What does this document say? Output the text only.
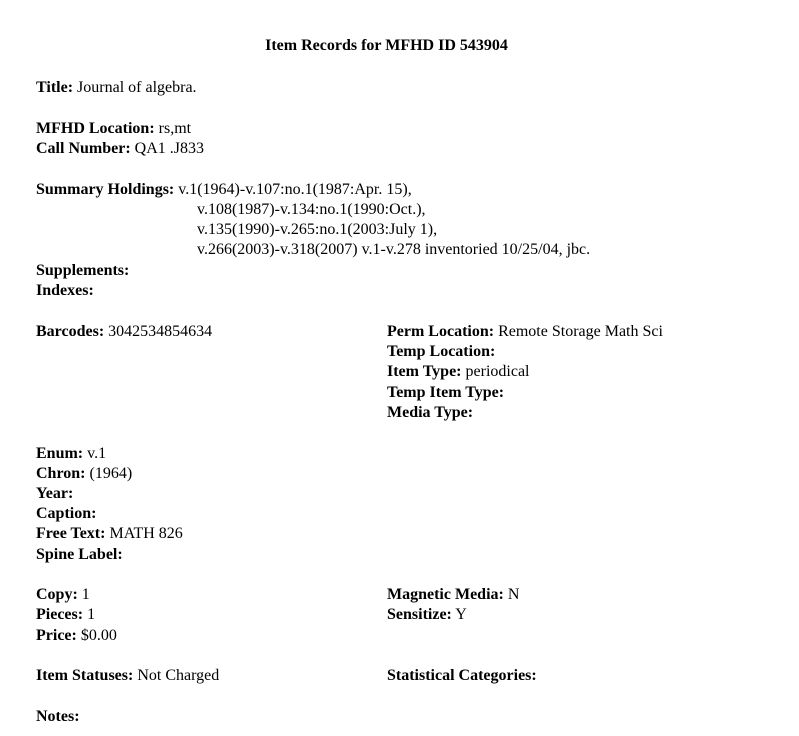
Item Records for MFHD ID 543904
Title: Journal of algebra.
MFHD Location: rs,mt
Call Number: QA1 .J833
Summary Holdings: v.1(1964)-v.107:no.1(1987:Apr. 15),
v.108(1987)-v.134:no.1(1990:Oct.),
v.135(1990)-v.265:no.1(2003:July 1),
v.266(2003)-v.318(2007) v.1-v.278 inventoried 10/25/04, jbc.
Supplements:
Indexes:
Barcodes: 3042534854634	Perm Location: Remote Storage Math Sci
Temp Location:
Item Type: periodical
Temp Item Type:
Media Type:
Enum: v.1
Chron: (1964)
Year:
Caption:
Free Text: MATH 826
Spine Label:
Copy: 1	Magnetic Media: N
Pieces: 1	Sensitize: Y
Price: $0.00
Item Statuses: Not Charged	Statistical Categories:
Notes:
